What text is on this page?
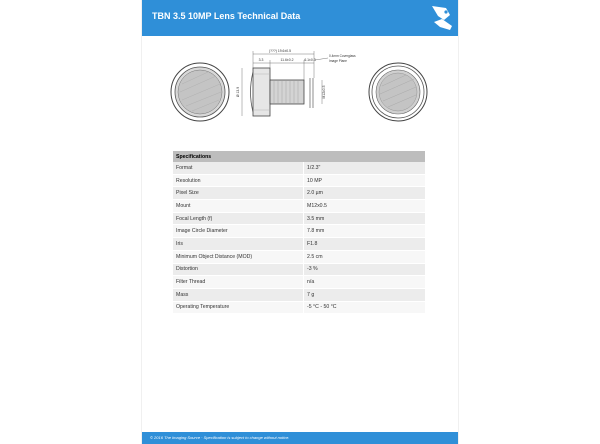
TBN 3.5 10MP Lens Technical Data
(???) 19.6±0.5
3.3	11.6±0.2	6.1±0.3
Ø 13.9	M12x0.5
0.4mm Coverglass
Image Plane
Specifications	
Format	1/2.3"
Resolution	10 MP
Pixel Size	2.0 µm
Mount	M12x0.5
Focal Length (f)	3.5 mm
Image Circle Diameter	7.8 mm
Iris	F1.8
Minimum Object Distance (MOD)	2.5 cm
Distortion	-3 %
Filter Thread	n/a
Mass	7 g
Operating Temperature	-5 °C - 50 °C
© 2016 The Imaging Source · Specification is subject to change without notice.
